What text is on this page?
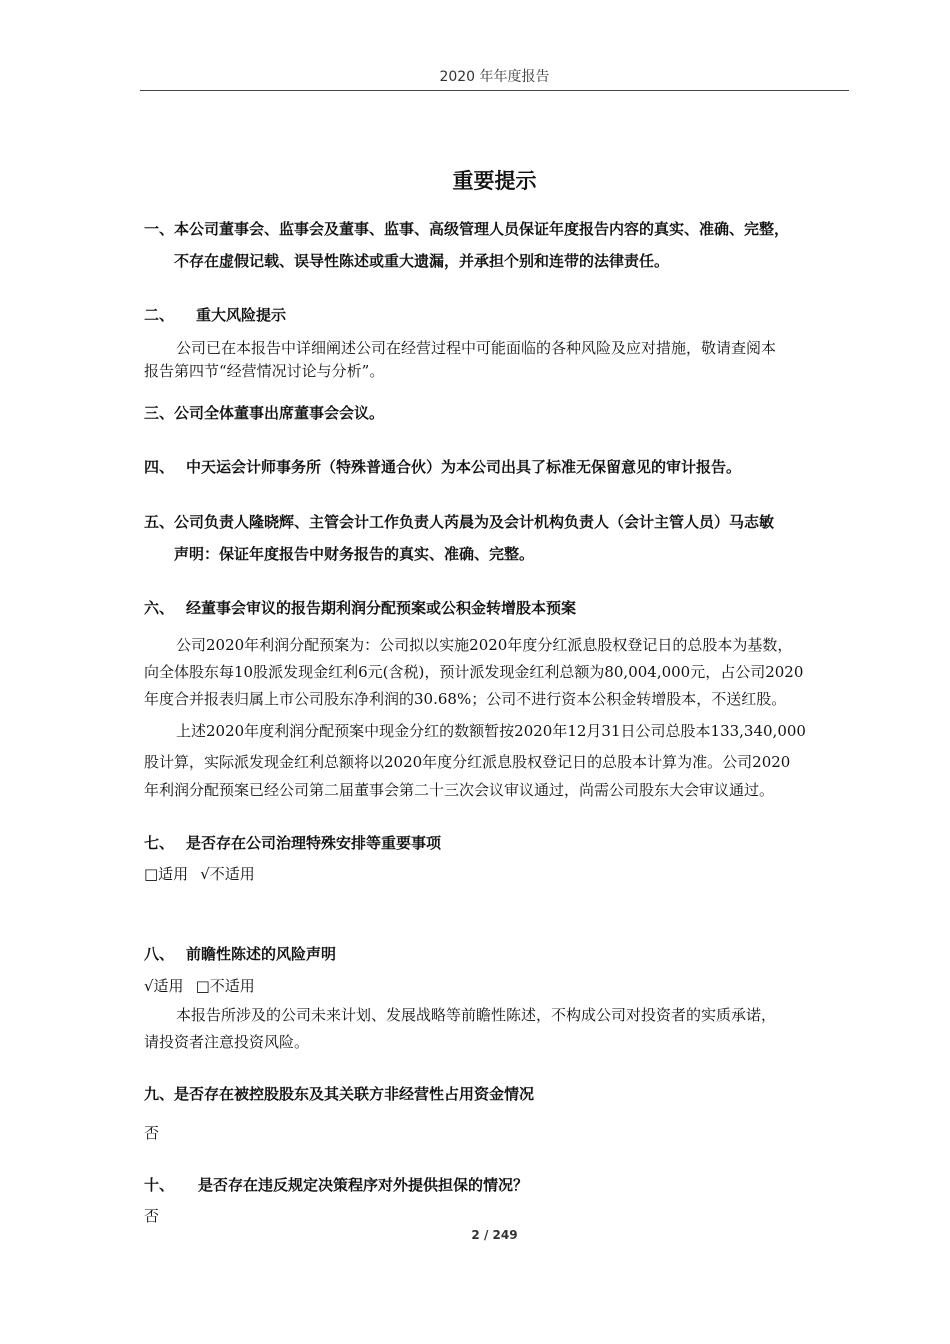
2020 年年度报告
重要提示
一、本公司董事会、监事会及董事、监事、高级管理人员保证年度报告内容的真实、准确、完整，
不存在虚假记载、误导性陈述或重大遗漏，并承担个别和连带的法律责任。
二、 重大风险提示
公司已在本报告中详细阐述公司在经营过程中可能面临的各种风险及应对措施，敬请查阅本
报告第四节“经营情况讨论与分析”。
三、公司全体董事出席董事会会议。
四、 中天运会计师事务所（特殊普通合伙）为本公司出具了标准无保留意见的审计报告。
五、公司负责人隆晓辉、主管会计工作负责人芮晨为及会计机构负责人（会计主管人员）马志敏
声明：保证年度报告中财务报告的真实、准确、完整。
六、 经董事会审议的报告期利润分配预案或公积金转增股本预案
公司2020年利润分配预案为：公司拟以实施2020年度分红派息股权登记日的总股本为基数，
向全体股东每10股派发现金红利6元(含税)，预计派发现金红利总额为80,004,000元，占公司2020
年度合并报表归属上市公司股东净利润的30.68%；公司不进行资本公积金转增股本，不送红股。
上述2020年度利润分配预案中现金分红的数额暂按2020年12月31日公司总股本133,340,000
股计算，实际派发现金红利总额将以2020年度分红派息股权登记日的总股本计算为准。公司2020
年利润分配预案已经公司第二届董事会第二十三次会议审议通过，尚需公司股东大会审议通过。
七、 是否存在公司治理特殊安排等重要事项
□适用 √不适用
八、 前瞻性陈述的风险声明
√适用 □不适用
本报告所涉及的公司未来计划、发展战略等前瞻性陈述，不构成公司对投资者的实质承诺，
请投资者注意投资风险。
九、是否存在被控股股东及其关联方非经营性占用资金情况
否
十、 是否存在违反规定决策程序对外提供担保的情况？
否
2 / 249
